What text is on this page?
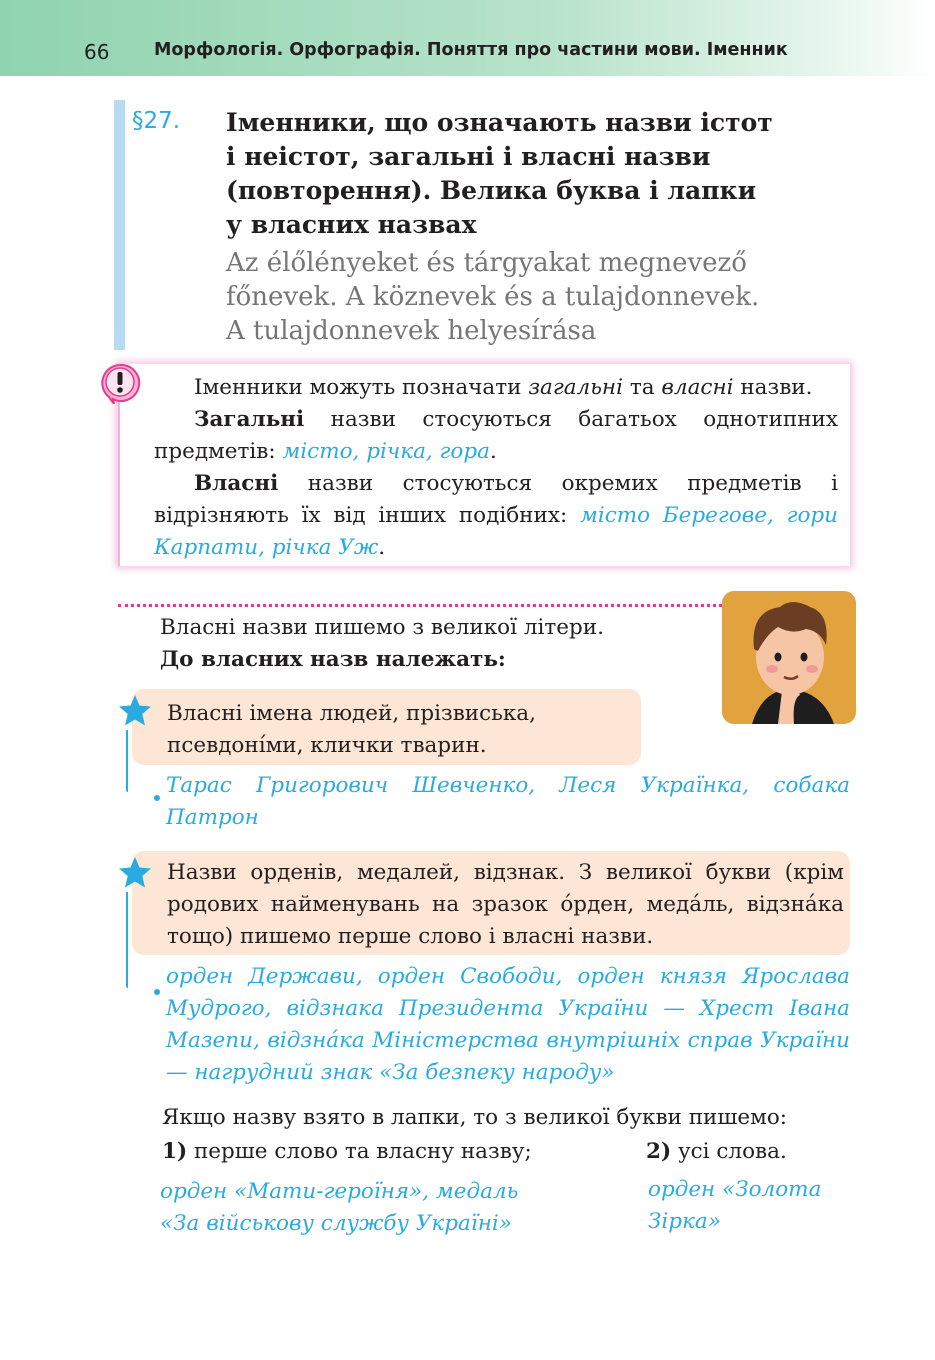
66	Морфологія. Орфографія. Поняття про частини мови. Іменник
§27. Іменники, що означають назви істот
і неістот, загальні і власні назви
(повторення). Велика буква і лапки
у власних назвах
Az élőlényeket és tárgyakat megnevező
főnevek. A köznevek és a tulajdonnevek.
A tulajdonnevek helyesírása

Іменники можуть позначати загальні та власні назви.

Загальні назви стосуються багатьох однотипних предметів: місто, річка, гора.

Власні назви стосуються окремих предметів і відрізняють їх від інших подібних: місто Берегове, гори Карпати, річка Уж.

Власні назви пишемо з великої літери.
До власних назв належать:
Власні імена людей, прізвиська,
псевдоні́ми, клички тварин.
Тарас Григорович Шевченко, Леся Українка, собака Патрон
Назви орденів, медалей, відзнак. З великої букви (крім родових найменувань на зразок о́рден, меда́ль, відзна́ка тощо) пишемо перше слово і власні назви.
орден Держави, орден Свободи, орден князя Ярослава Мудрого, відзнака Президента України — Хрест Івана Мазепи, відзна́ка Міністерства внутрішніх справ України — нагрудний знак «За безпеку народу»
Якщо назву взято в лапки, то з великої букви пишемо:
1) перше слово та власну назву;	2) усі слова.
орден «Мати-героїня», медаль
«За військову службу Україні»
орден «Золота
Зірка»
